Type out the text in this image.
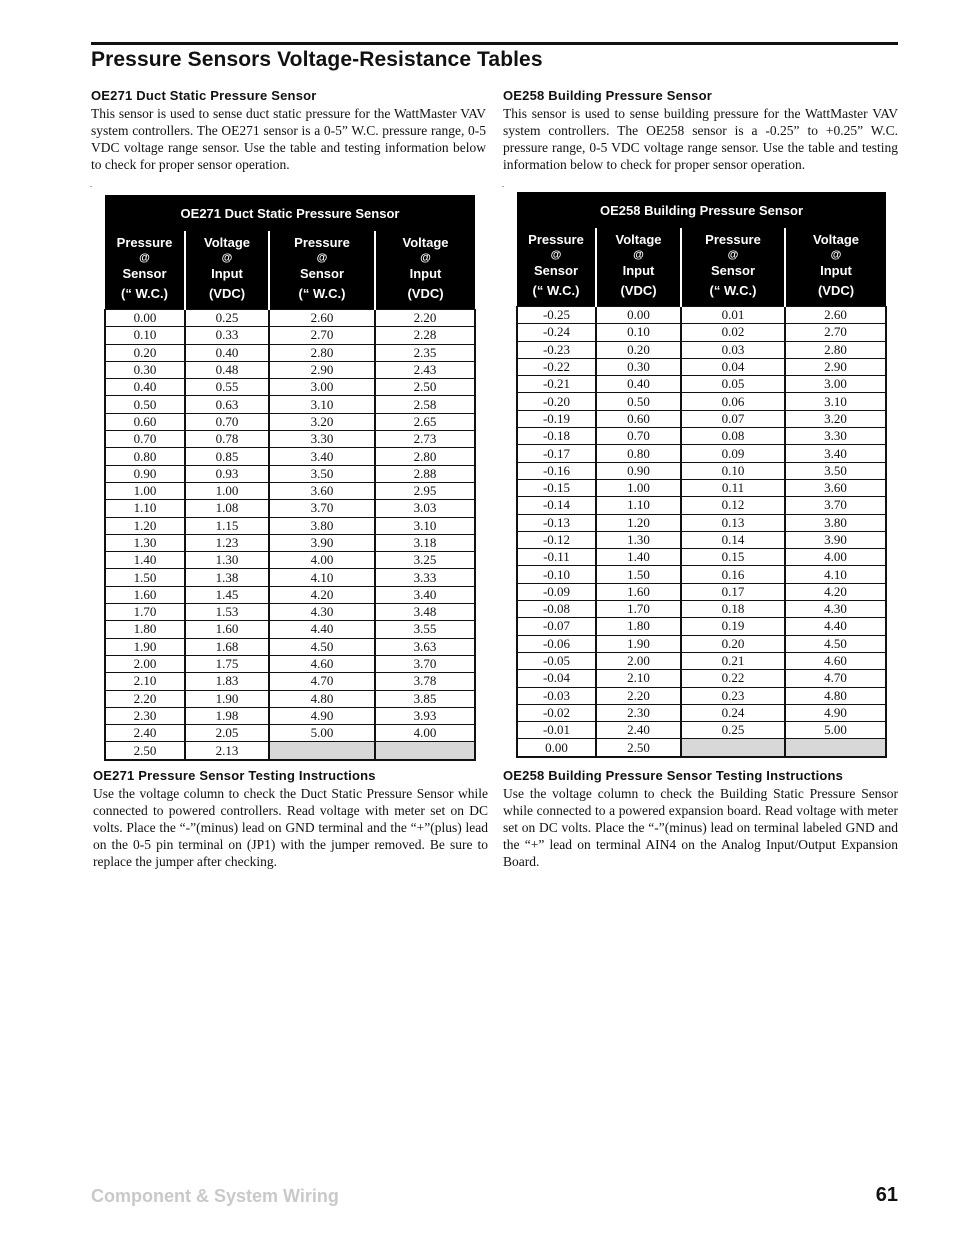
Pressure Sensors Voltage-Resistance Tables
OE271 Duct Static Pressure Sensor

This sensor is used to sense duct static pressure for the WattMaster VAV system controllers. The OE271 sensor is a 0-5” W.C. pressure range, 0-5 VDC voltage range sensor. Use the table and testing information below to check for proper sensor operation.

OE258 Building Pressure Sensor

This sensor is used to sense building pressure for the WattMaster VAV system controllers. The OE258 sensor is a -0.25” to +0.25” W.C. pressure range, 0-5 VDC voltage range sensor. Use the table and testing information below to check for proper sensor operation.

.	.
OE271 Duct Static Pressure Sensor			

Pressure
@
Sensor
(“ W.C.)	Voltage
@
Input
(VDC)	Pressure
@
Sensor
(“ W.C.)	Voltage
@
Input
(VDC)

0.00	0.25	2.60	2.20
0.10	0.33	2.70	2.28
0.20	0.40	2.80	2.35
0.30	0.48	2.90	2.43
0.40	0.55	3.00	2.50
0.50	0.63	3.10	2.58
0.60	0.70	3.20	2.65
0.70	0.78	3.30	2.73
0.80	0.85	3.40	2.80
0.90	0.93	3.50	2.88
1.00	1.00	3.60	2.95
1.10	1.08	3.70	3.03
1.20	1.15	3.80	3.10
1.30	1.23	3.90	3.18
1.40	1.30	4.00	3.25
1.50	1.38	4.10	3.33
1.60	1.45	4.20	3.40
1.70	1.53	4.30	3.48
1.80	1.60	4.40	3.55
1.90	1.68	4.50	3.63
2.00	1.75	4.60	3.70
2.10	1.83	4.70	3.78
2.20	1.90	4.80	3.85
2.30	1.98	4.90	3.93
2.40	2.05	5.00	4.00
2.50	2.13		
OE258 Building Pressure Sensor			

Pressure
@
Sensor
(“ W.C.)	Voltage
@
Input
(VDC)	Pressure
@
Sensor
(“ W.C.)	Voltage
@
Input
(VDC)

-0.25	0.00	0.01	2.60
-0.24	0.10	0.02	2.70
-0.23	0.20	0.03	2.80
-0.22	0.30	0.04	2.90
-0.21	0.40	0.05	3.00
-0.20	0.50	0.06	3.10
-0.19	0.60	0.07	3.20
-0.18	0.70	0.08	3.30
-0.17	0.80	0.09	3.40
-0.16	0.90	0.10	3.50
-0.15	1.00	0.11	3.60
-0.14	1.10	0.12	3.70
-0.13	1.20	0.13	3.80
-0.12	1.30	0.14	3.90
-0.11	1.40	0.15	4.00
-0.10	1.50	0.16	4.10
-0.09	1.60	0.17	4.20
-0.08	1.70	0.18	4.30
-0.07	1.80	0.19	4.40
-0.06	1.90	0.20	4.50
-0.05	2.00	0.21	4.60
-0.04	2.10	0.22	4.70
-0.03	2.20	0.23	4.80
-0.02	2.30	0.24	4.90
-0.01	2.40	0.25	5.00
0.00	2.50		
OE271 Pressure Sensor Testing Instructions

Use the voltage column to check the Duct Static Pressure Sensor while connected to powered controllers. Read voltage with meter set on DC volts. Place the “-”(minus) lead on GND terminal and the “+”(plus) lead on the 0-5 pin terminal on (JP1) with the jumper removed. Be sure to replace the jumper after checking.

OE258 Building Pressure Sensor Testing Instructions

Use the voltage column to check the Building Static Pressure Sensor while connected to a powered expansion board. Read voltage with meter set on DC volts. Place the “-”(minus) lead on terminal labeled GND and the “+” lead on terminal AIN4 on the Analog Input/Output Expansion Board.

Component & System Wiring	61
